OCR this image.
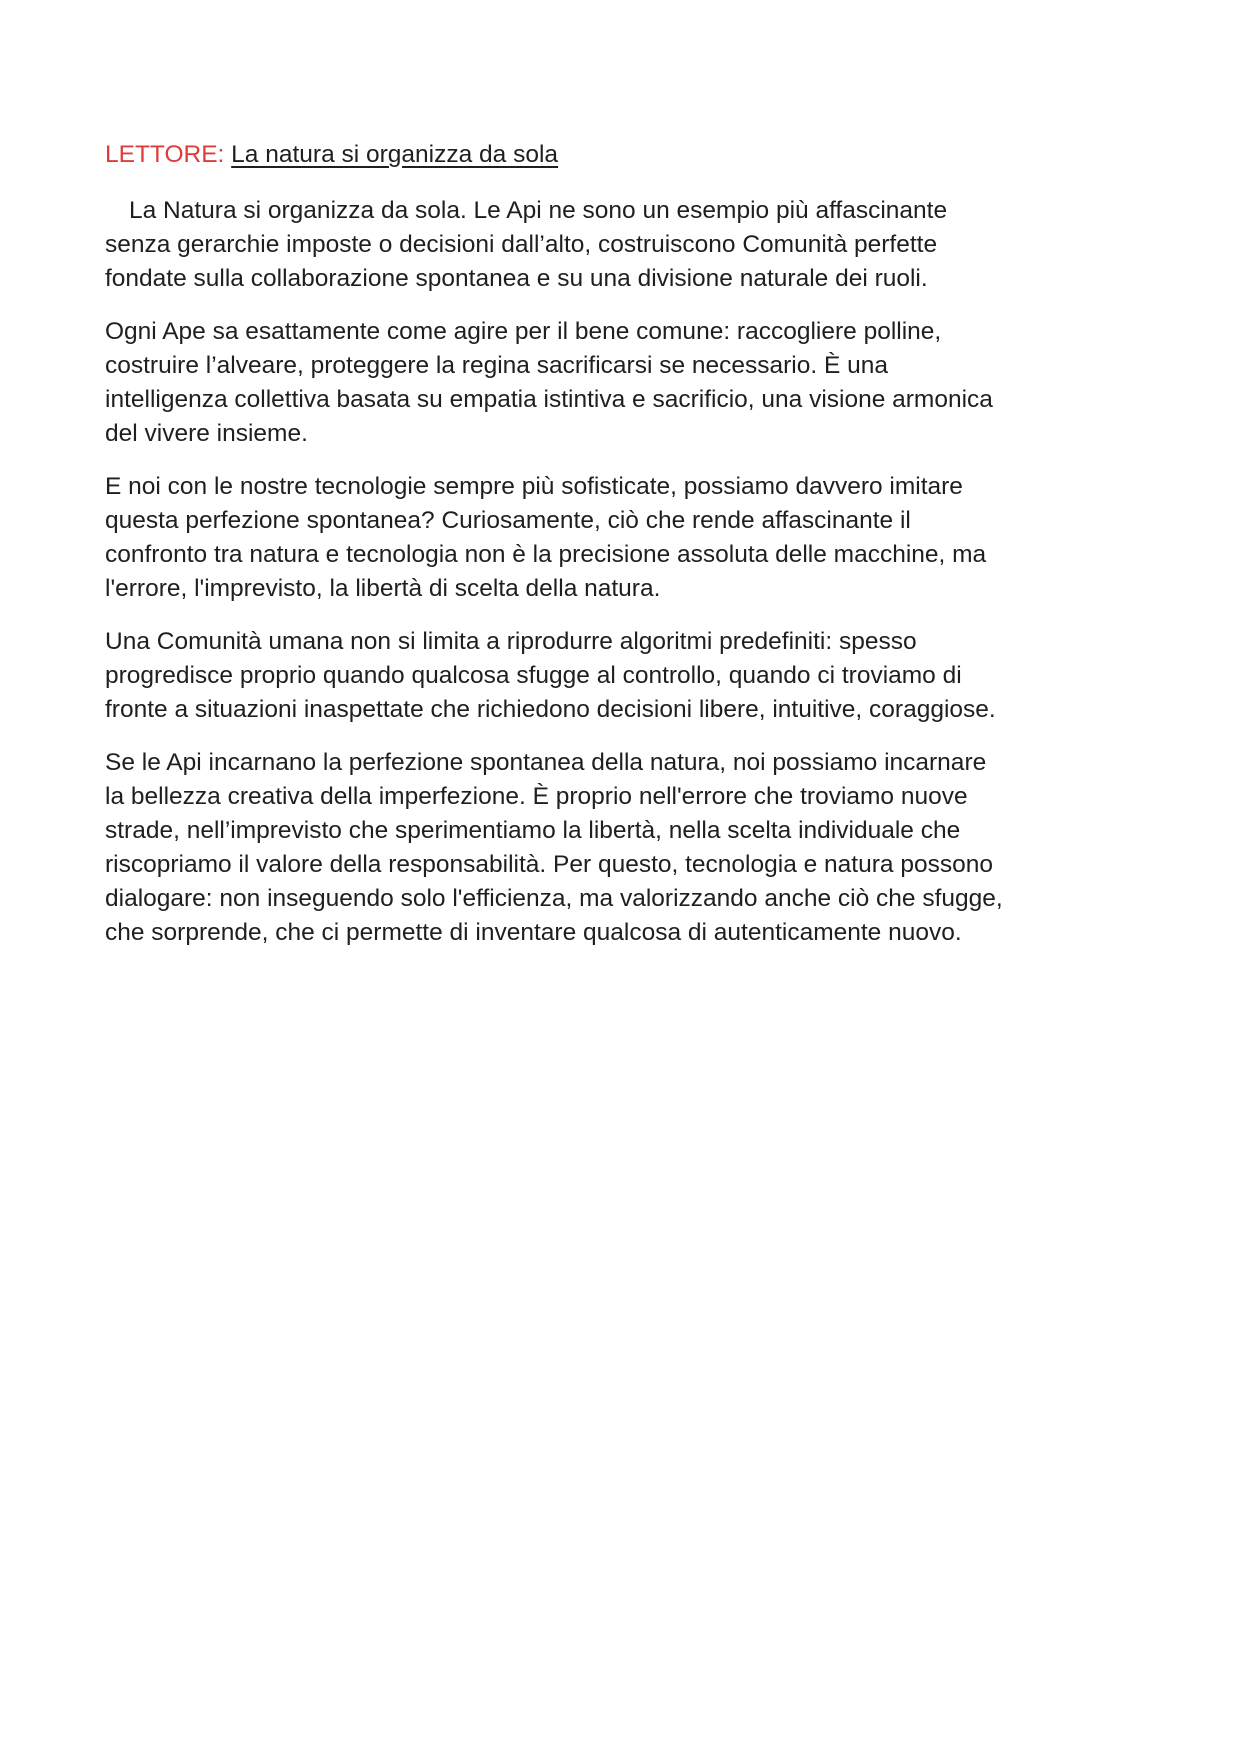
LETTORE: La natura si organizza da sola

La Natura si organizza da sola. Le Api ne sono un esempio più affascinante senza gerarchie imposte o decisioni dall’alto, costruiscono Comunità perfette fondate sulla collaborazione spontanea e su una divisione naturale dei ruoli.

Ogni Ape sa esattamente come agire per il bene comune: raccogliere polline, costruire l’alveare, proteggere la regina sacrificarsi se necessario. È una intelligenza collettiva basata su empatia istintiva e sacrificio, una visione armonica del vivere insieme.

E noi con le nostre tecnologie sempre più sofisticate, possiamo davvero imitare questa perfezione spontanea? Curiosamente, ciò che rende affascinante il confronto tra natura e tecnologia non è la precisione assoluta delle macchine, ma l'errore, l'imprevisto, la libertà di scelta della natura.

Una Comunità umana non si limita a riprodurre algoritmi predefiniti: spesso progredisce proprio quando qualcosa sfugge al controllo, quando ci troviamo di fronte a situazioni inaspettate che richiedono decisioni libere, intuitive, coraggiose.

Se le Api incarnano la perfezione spontanea della natura, noi possiamo incarnare la bellezza creativa della imperfezione. È proprio nell'errore che troviamo nuove strade, nell’imprevisto che sperimentiamo la libertà, nella scelta individuale che riscopriamo il valore della responsabilità. Per questo, tecnologia e natura possono dialogare: non inseguendo solo l'efficienza, ma valorizzando anche ciò che sfugge, che sorprende, che ci permette di inventare qualcosa di autenticamente nuovo.
